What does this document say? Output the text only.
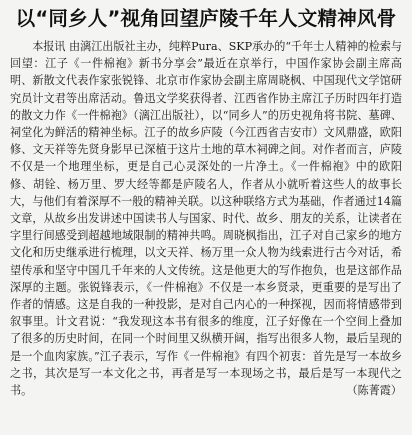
以“同乡人”视角回望庐陵千年人文精神风骨

本报讯 由漓江出版社主办，纯粹Pura、SKP承办的“千年士人精神的检索与回望：江子《一件棉袍》新书分享会”最近在京举行，中国作家协会副主席高明、新散文代表作家张锐锋、北京市作家协会副主席周晓枫、中国现代文学馆研究员计文君等出席活动。鲁迅文学奖获得者、江西省作协主席江子历时四年打造的散文力作《一件棉袍》（漓江出版社），以“同乡人”的历史视角将书院、墓碑、祠堂化为鲜活的精神坐标。江子的故乡庐陵（今江西省吉安市）文风鼎盛，欧阳修、文天祥等先贤身影早已深植于这片土地的草木祠碑之间。对作者而言，庐陵不仅是一个地理坐标，更是自己心灵深处的一片净土。《一件棉袍》中的欧阳修、胡铨、杨万里、罗大经等都是庐陵名人，作者从小就听着这些人的故事长大，与他们有着深厚不一般的精神关联。以这种联络方式为基础，作者通过14篇文章，从故乡出发讲述中国读书人与国家、时代、故乡、朋友的关系，让读者在字里行间感受到超越地域限制的精神共鸣。周晓枫指出，江子对自己家乡的地方文化和历史继承进行梳理，以文天祥、杨万里一众人物为线索进行古今对话，希望传承和坚守中国几千年来的人文传统。这是他更大的写作抱负，也是这部作品深厚的主题。张锐锋表示，《一件棉袍》不仅是一本乡贤录，更重要的是写出了作者的情感。这是自我的一种投影，是对自己内心的一种探视，因而将情感带到叙事里。计文君说：“我发现这本书有很多的维度，江子好像在一个空间上叠加了很多的历史时间，在同一个时间里又纵横开阔，指写出很多人物，最后呈现的是一个血肉家族。”江子表示，写作《一件棉袍》有四个初衷：首先是写一本故乡之书，其次是写一本文化之书，再者是写一本现场之书，最后是写一本现代之书。	（陈菁霞）
